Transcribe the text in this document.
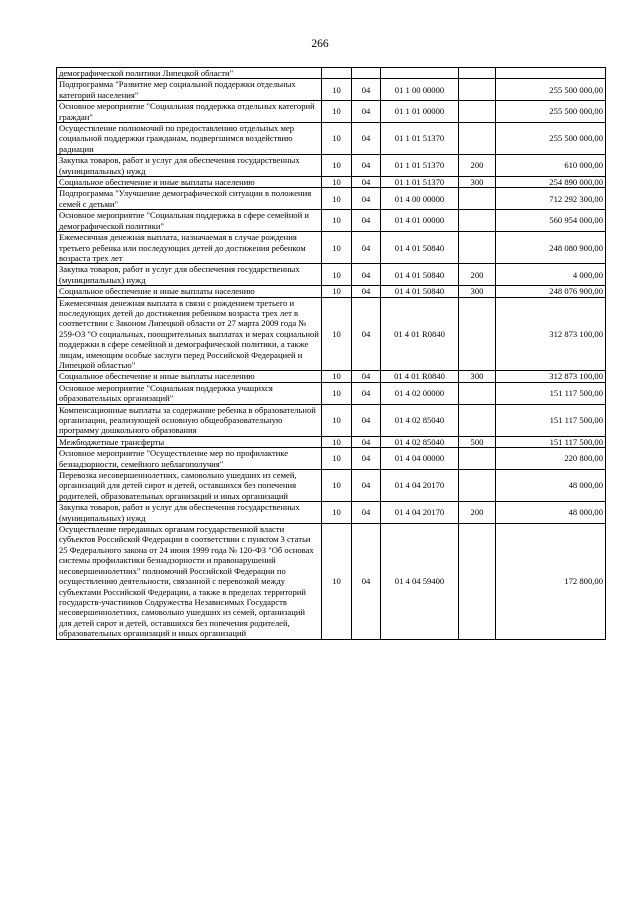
266
демографической политики Липецкой области"					
Подпрограмма "Развитие мер социальной поддержки отдельных категорий населения"	10	04	01 1 00 00000		255 500 000,00
Основное мероприятие "Социальная поддержка отдельных категорий граждан"	10	04	01 1 01 00000		255 500 000,00
Осуществление полномочий по предоставлению отдельных мер социальной поддержки гражданам, подвергшимся воздействию радиации	10	04	01 1 01 51370		255 500 000,00
Закупка товаров, работ и услуг для обеспечения государственных (муниципальных) нужд	10	04	01 1 01 51370	200	610 000,00
Социальное обеспечение и иные выплаты населению	10	04	01 1 01 51370	300	254 890 000,00
Подпрограмма "Улучшение демографической ситуации в положения семей с детьми"	10	04	01 4 00 00000		712 292 300,00
Основное мероприятие "Социальная поддержка в сфере семейной и демографической политики"	10	04	01 4 01 00000		560 954 000,00
Ежемесячная денежная выплата, назначаемая в случае рождения третьего ребенка или последующих детей до достижения ребенком возраста трех лет	10	04	01 4 01 50840		248 080 900,00
Закупка товаров, работ и услуг для обеспечения государственных (муниципальных) нужд	10	04	01 4 01 50840	200	4 000,00
Социальное обеспечение и иные выплаты населению	10	04	01 4 01 50840	300	248 076 900,00
Ежемесячная денежная выплата в связи с рождением третьего и последующих детей до достижения ребенком возраста трех лет в соответствии с Законом Липецкой области от 27 марта 2009 года № 259-ОЗ "О социальных, поощрительных выплатах и мерах социальной поддержки в сфере семейной и демографической политики, а также лицам, имеющим особые заслуги перед Российской Федерацией и Липецкой областью"	10	04	01 4 01 R0840		312 873 100,00
Социальное обеспечение и иные выплаты населению	10	04	01 4 01 R0840	300	312 873 100,00
Основное мероприятие "Социальная поддержка учащихся образовательных организаций"	10	04	01 4 02 00000		151 117 500,00
Компенсационные выплаты за содержание ребенка в образовательной организации, реализующей основную общеобразовательную программу дошкольного образования	10	04	01 4 02 85040		151 117 500,00
Межбюджетные трансферты	10	04	01 4 02 85040	500	151 117 500,00
Основное мероприятие "Осуществление мер по профилактике безнадзорности, семейного неблагополучия"	10	04	01 4 04 00000		220 800,00
Перевозка несовершеннолетних, самовольно ушедших из семей, организаций для детей сирот и детей, оставшихся без попечения родителей, образовательных организаций и иных организаций	10	04	01 4 04 20170		48 000,00
Закупка товаров, работ и услуг для обеспечения государственных (муниципальных) нужд	10	04	01 4 04 20170	200	48 000,00
Осуществление переданных органам государственной власти субъектов Российской Федерации в соответствии с пунктом 3 статьи 25 Федерального закона от 24 июня 1999 года № 120-ФЗ "Об основах системы профилактики безнадзорности и правонарушений несовершеннолетних" полномочий Российской Федерации по осуществлению деятельности, связанной с перевозкой между субъектами Российской Федерации, а также в пределах территорий государств-участников Содружества Независимых Государств несовершеннолетних, самовольно ушедших из семей, организаций для детей сирот и детей, оставшихся без попечения родителей, образовательных организаций и иных организаций	10	04	01 4 04 59400		172 800,00
